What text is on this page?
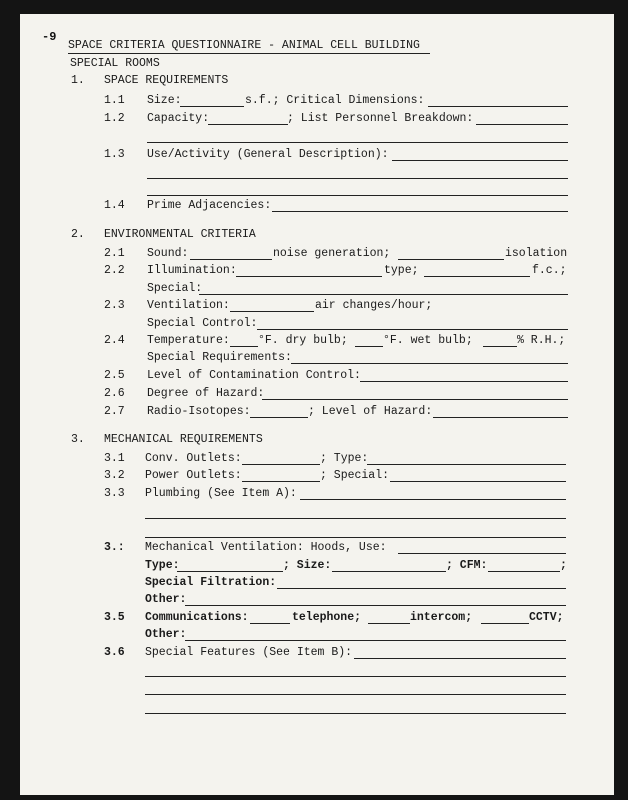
-9
SPACE CRITERIA QUESTIONNAIRE - ANIMAL CELL BUILDING
SPECIAL ROOMS
1. SPACE REQUIREMENTS
1.1 Size:	s.f.; Critical Dimensions:
1.2 Capacity:	; List Personnel Breakdown:
1.3 Use/Activity (General Description):
1.4 Prime Adjacencies:
2. ENVIRONMENTAL CRITERIA
2.1 Sound:	noise generation;	isolation
2.2 Illumination:	type;	f.c.;
Special:
2.3 Ventilation:	air changes/hour;
Special Control:
2.4 Temperature: °F. dry bulb;	°F. wet bulb;	% R.H.;
Special Requirements:
2.5 Level of Contamination Control:
2.6 Degree of Hazard:
2.7 Radio-Isotopes:	; Level of Hazard:
3. MECHANICAL REQUIREMENTS
3.1 Conv. Outlets:	; Type:
3.2 Power Outlets:	; Special:
3.3 Plumbing (See Item A):
3.: Mechanical Ventilation: Hoods, Use:
Type:	; Size:	; CFM:	;
Special Filtration:
Other:
3.5 Communications:	telephone;	intercom;	CCTV;
Other:
3.6 Special Features (See Item B):
